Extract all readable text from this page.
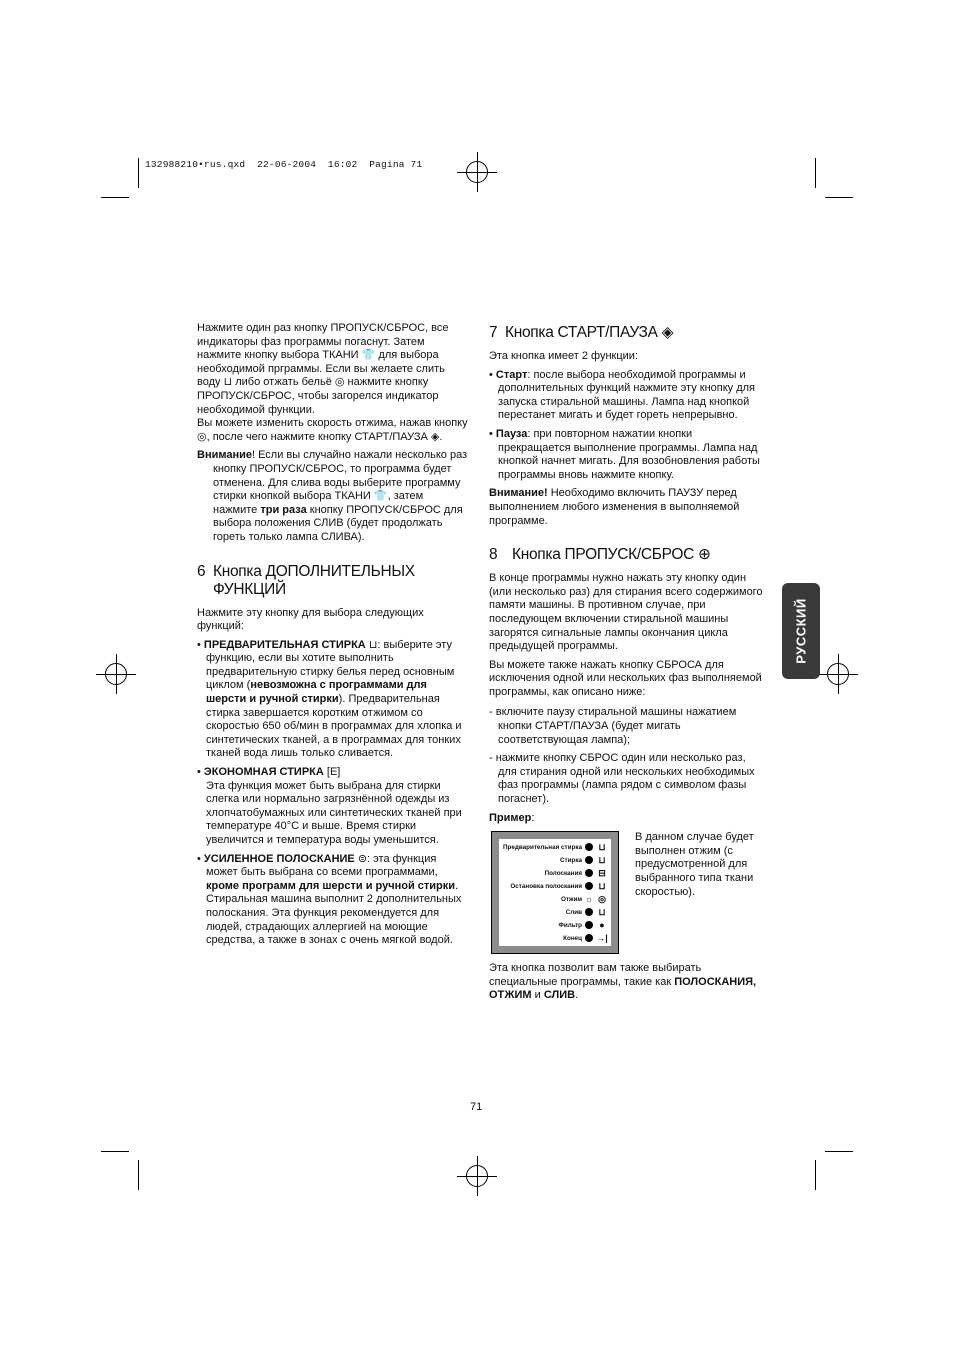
132988210•rus.qxd  22-06-2004  16:02  Pagina 71
РУССКИЙ

Нажмите один раз кнопку ПРОПУСК/СБРОС, все индикаторы фаз программы погаснут. Затем нажмите кнопку выбора ТКАНИ 👕 для выбора необходимой прграммы. Если вы желаете слить воду ⊔ либо отжать бельё ◎ нажмите кнопку ПРОПУСК/СБРОС, чтобы загорелся индикатор необходимой функции.

Вы можете изменить скорость отжима, нажав кнопку ◎, после чего нажмите кнопку СТАРТ/ПАУЗА ◈.

Внимание! Если вы случайно нажали несколько раз кнопку ПРОПУСК/СБРОС, то программа будет отменена. Для слива воды выберите программу стирки кнопкой выбора ТКАНИ 👕, затем нажмите три раза кнопку ПРОПУСК/СБРОС для выбора положения СЛИВ (будет продолжать гореть только лампа СЛИВА).

6 Кнопка ДОПОЛНИТЕЛЬНЫХ ФУНКЦИЙ

Нажмите эту кнопку для выбора следующих функций:

• ПРЕДВАРИТЕЛЬНАЯ СТИРКА ⊔: выберите эту функцию, если вы хотите выполнить предварительную стирку белья перед основным циклом (невозможна с программами для шерсти и ручной стирки). Предварительная стирка завершается коротким отжимом со скоростью 650 об/мин в программах для хлопка и синтетических тканей, а в программах для тонких тканей вода лишь только сливается.

• ЭКОНОМНАЯ СТИРКА [E]
Эта функция может быть выбрана для стирки слегка или нормально загрязнённой одежды из хлопчатобумажных или синтетических тканей при температуре 40°C и выше. Время стирки увеличится и температура воды уменьшится.

• УСИЛЕННОЕ ПОЛОСКАНИЕ ⊜: эта функция может быть выбрана со всеми программами, кроме программ для шерсти и ручной стирки. Стиральная машина выполнит 2 дополнительных полоскания. Эта функция рекомендуется для людей, страдающих аллергией на моющие средства, а также в зонах с очень мягкой водой.

7 Кнопка СТАРТ/ПАУЗА ◈

Эта кнопка имеет 2 функции:

• Старт: после выбора необходимой программы и дополнительных функций нажмите эту кнопку для запуска стиральной машины. Лампа над кнопкой перестанет мигать и будет гореть непрерывно.

• Пауза: при повторном нажатии кнопки прекращается выполнение программы. Лампа над кнопкой начнет мигать. Для возобновления работы программы вновь нажмите кнопку.

Внимание! Необходимо включить ПАУЗУ перед выполнением любого изменения в выполняемой программе.

8 Кнопка ПРОПУСК/СБРОС ⊕

В конце программы нужно нажать эту кнопку один (или несколько раз) для стирания всего содержимого памяти машины. В противном случае, при последующем включении стиральной машины загорятся сигнальные лампы окончания цикла предыдущей программы.

Вы можете также нажать кнопку СБРОСА для исключения одной или нескольких фаз выполняемой программы, как описано ниже:

- включите паузу стиральной машины нажатием кнопки СТАРТ/ПАУЗА (будет мигать соответствующая лампа);

- нажмите кнопку СБРОС один или несколько раз, для стирания одной или нескольких необходимых фаз программы (лампа рядом с символом фазы погаснет).

Пример:

Предварительная стирка ⊔
Стирка ⊔
Полоскания ⊟
Остановка полоскания ⊔
Отжим ☼ ◎
Слив ⊔
Фильтр	●
Конец →|
В данном случае будет выполнен отжим (с предусмотренной для выбранного типа ткани скоростью).

Эта кнопка позволит вам также выбирать специальные программы, такие как ПОЛОСКАНИЯ, ОТЖИМ и СЛИВ.

71
